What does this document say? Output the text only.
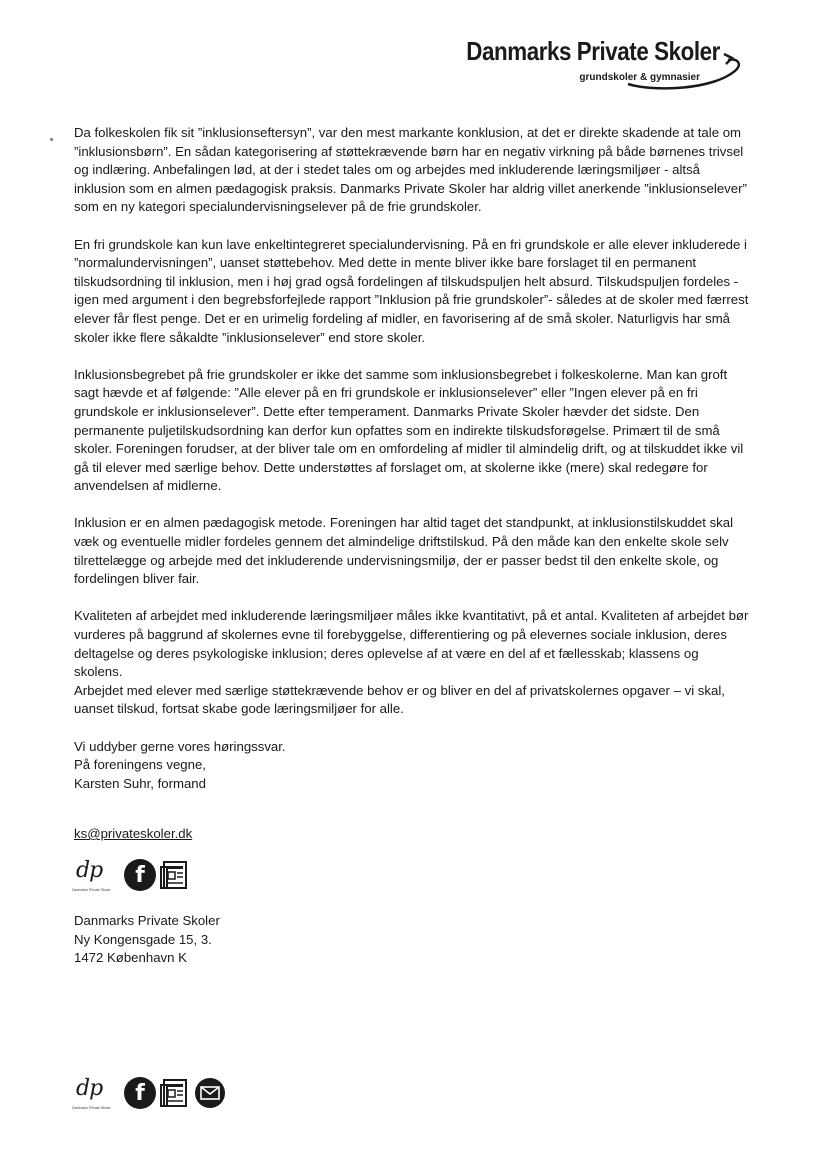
Danmarks Private Skoler
grundskoler & gymnasier

Da folkeskolen fik sit ”inklusionseftersyn”, var den mest markante konklusion, at det er direkte skadende at tale om ”inklusionsbørn”. En sådan kategorisering af støttekrævende børn har en negativ virkning på både børnenes trivsel og indlæring. Anbefalingen lød, at der i stedet tales om og arbejdes med inkluderende læringsmiljøer - altså inklusion som en almen pædagogisk praksis. Danmarks Private Skoler har aldrig villet anerkende ”inklusionselever” som en ny kategori specialundervisningselever på de frie grundskoler.

En fri grundskole kan kun lave enkeltintegreret specialundervisning. På en fri grundskole er alle elever inkluderede i ”normalundervisningen”, uanset støttebehov. Med dette in mente bliver ikke bare forslaget til en permanent tilskudsordning til inklusion, men i høj grad også fordelingen af tilskudspuljen helt absurd. Tilskudspuljen fordeles - igen med argument i den begrebsforfejlede rapport ”Inklusion på frie grundskoler”- således at de skoler med færrest elever får flest penge. Det er en urimelig fordeling af midler, en favorisering af de små skoler. Naturligvis har små skoler ikke flere såkaldte ”inklusionselever” end store skoler.

Inklusionsbegrebet på frie grundskoler er ikke det samme som inklusionsbegrebet i folkeskolerne. Man kan groft sagt hævde et af følgende: ”Alle elever på en fri grundskole er inklusionselever” eller ”Ingen elever på en fri grundskole er inklusionselever”. Dette efter temperament. Danmarks Private Skoler hævder det sidste. Den permanente puljetilskudsordning kan derfor kun opfattes som en indirekte tilskudsforøgelse. Primært til de små skoler. Foreningen forudser, at der bliver tale om en omfordeling af midler til almindelig drift, og at tilskuddet ikke vil gå til elever med særlige behov. Dette understøttes af forslaget om, at skolerne ikke (mere) skal redegøre for anvendelsen af midlerne.

Inklusion er en almen pædagogisk metode. Foreningen har altid taget det standpunkt, at inklusionstilskuddet skal væk og eventuelle midler fordeles gennem det almindelige driftstilskud. På den måde kan den enkelte skole selv tilrettelægge og arbejde med det inkluderende undervisningsmiljø, der er passer bedst til den enkelte skole, og fordelingen bliver fair.

Kvaliteten af arbejdet med inkluderende læringsmiljøer måles ikke kvantitativt, på et antal. Kvaliteten af arbejdet bør vurderes på baggrund af skolernes evne til forebyggelse, differentiering og på elevernes sociale inklusion, deres deltagelse og deres psykologiske inklusion; deres oplevelse af at være en del af et fællesskab; klassens og skolens.

Arbejdet med elever med særlige støttekrævende behov er og bliver en del af privatskolernes opgaver – vi skal, uanset tilskud, fortsat skabe gode læringsmiljøer for alle.

Vi uddyber gerne vores høringssvar.
På foreningens vegne,
Karsten Suhr, formand
ks@privateskoler.dk
dp
Danmarks Private Skoler
f
Danmarks Private Skoler
Ny Kongensgade 15, 3.
1472 København K
dp
Danmarks Private Skoler
f
